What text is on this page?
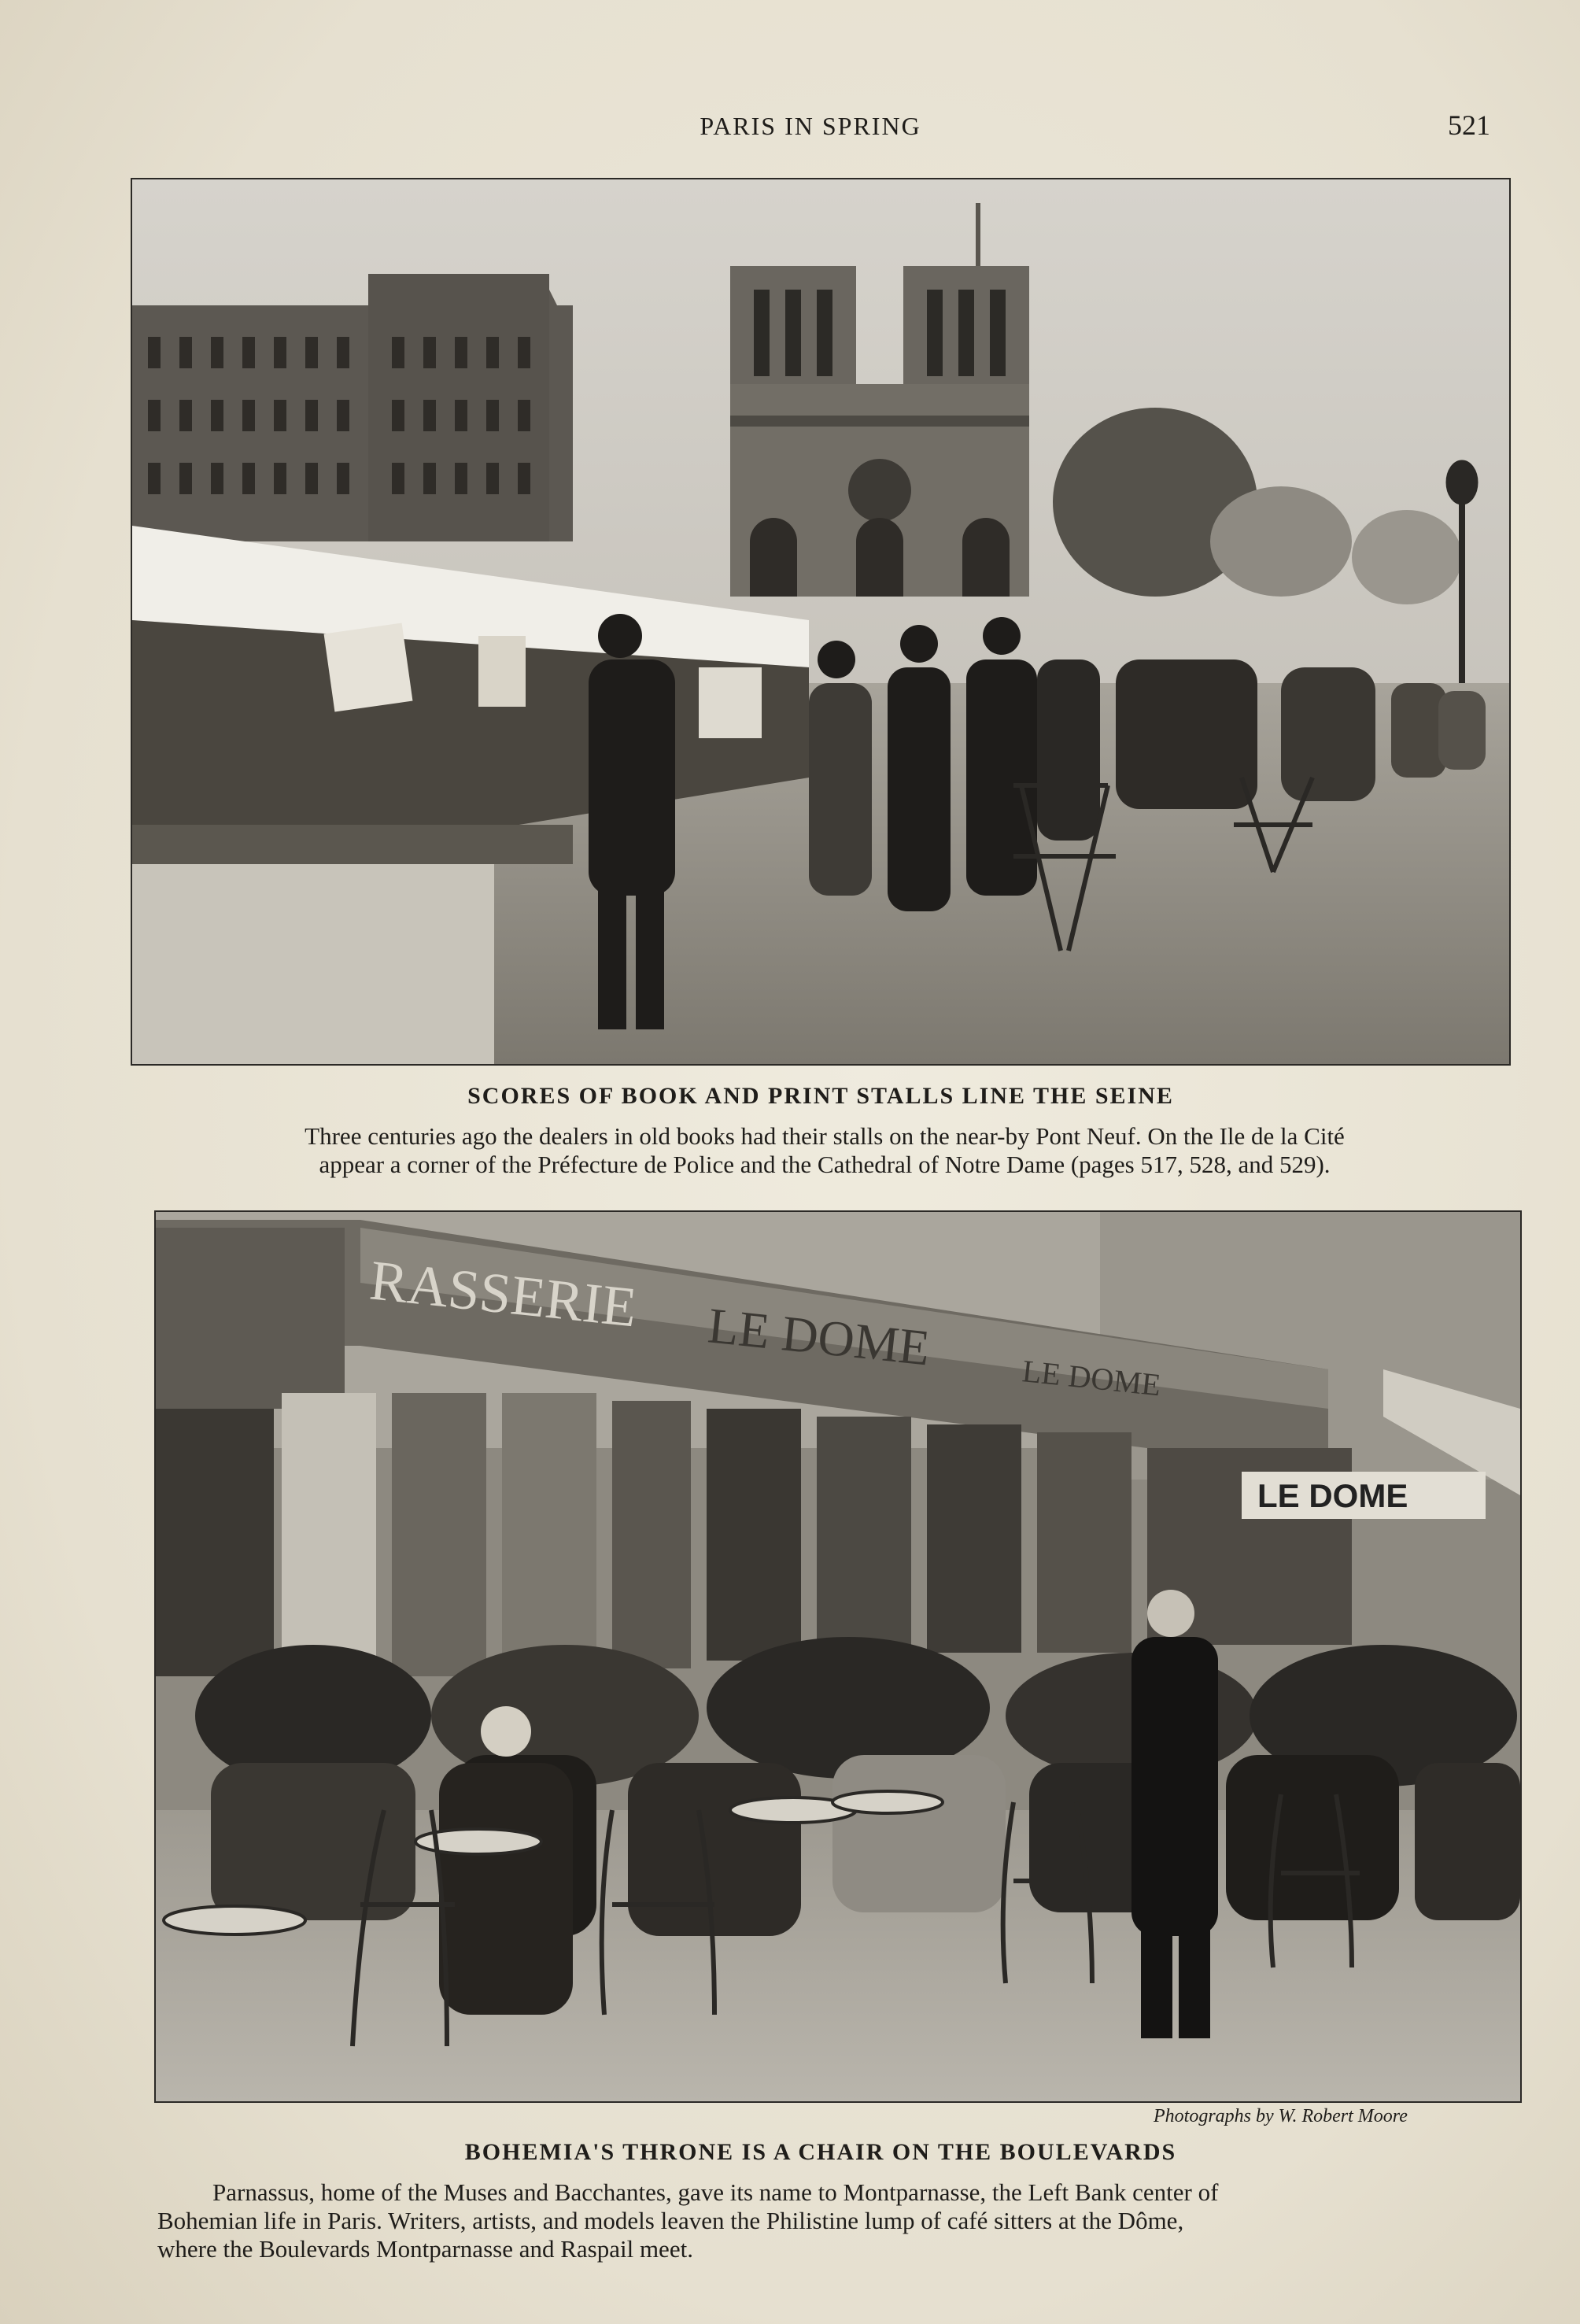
PARIS IN SPRING	521
SCORES OF BOOK AND PRINT STALLS LINE THE SEINE
Three centuries ago the dealers in old books had their stalls on the near-by Pont Neuf. On the Ile de la Cité
appear a corner of the Préfecture de Police and the Cathedral of Notre Dame (pages 517, 528, and 529).
RASSERIE LE DOME
LE DOME
LE DOME
Photographs by W. Robert Moore
BOHEMIA'S THRONE IS A CHAIR ON THE BOULEVARDS
Parnassus, home of the Muses and Bacchantes, gave its name to Montparnasse, the Left Bank center of
Bohemian life in Paris. Writers, artists, and models leaven the Philistine lump of café sitters at the Dôme,
where the Boulevards Montparnasse and Raspail meet.
